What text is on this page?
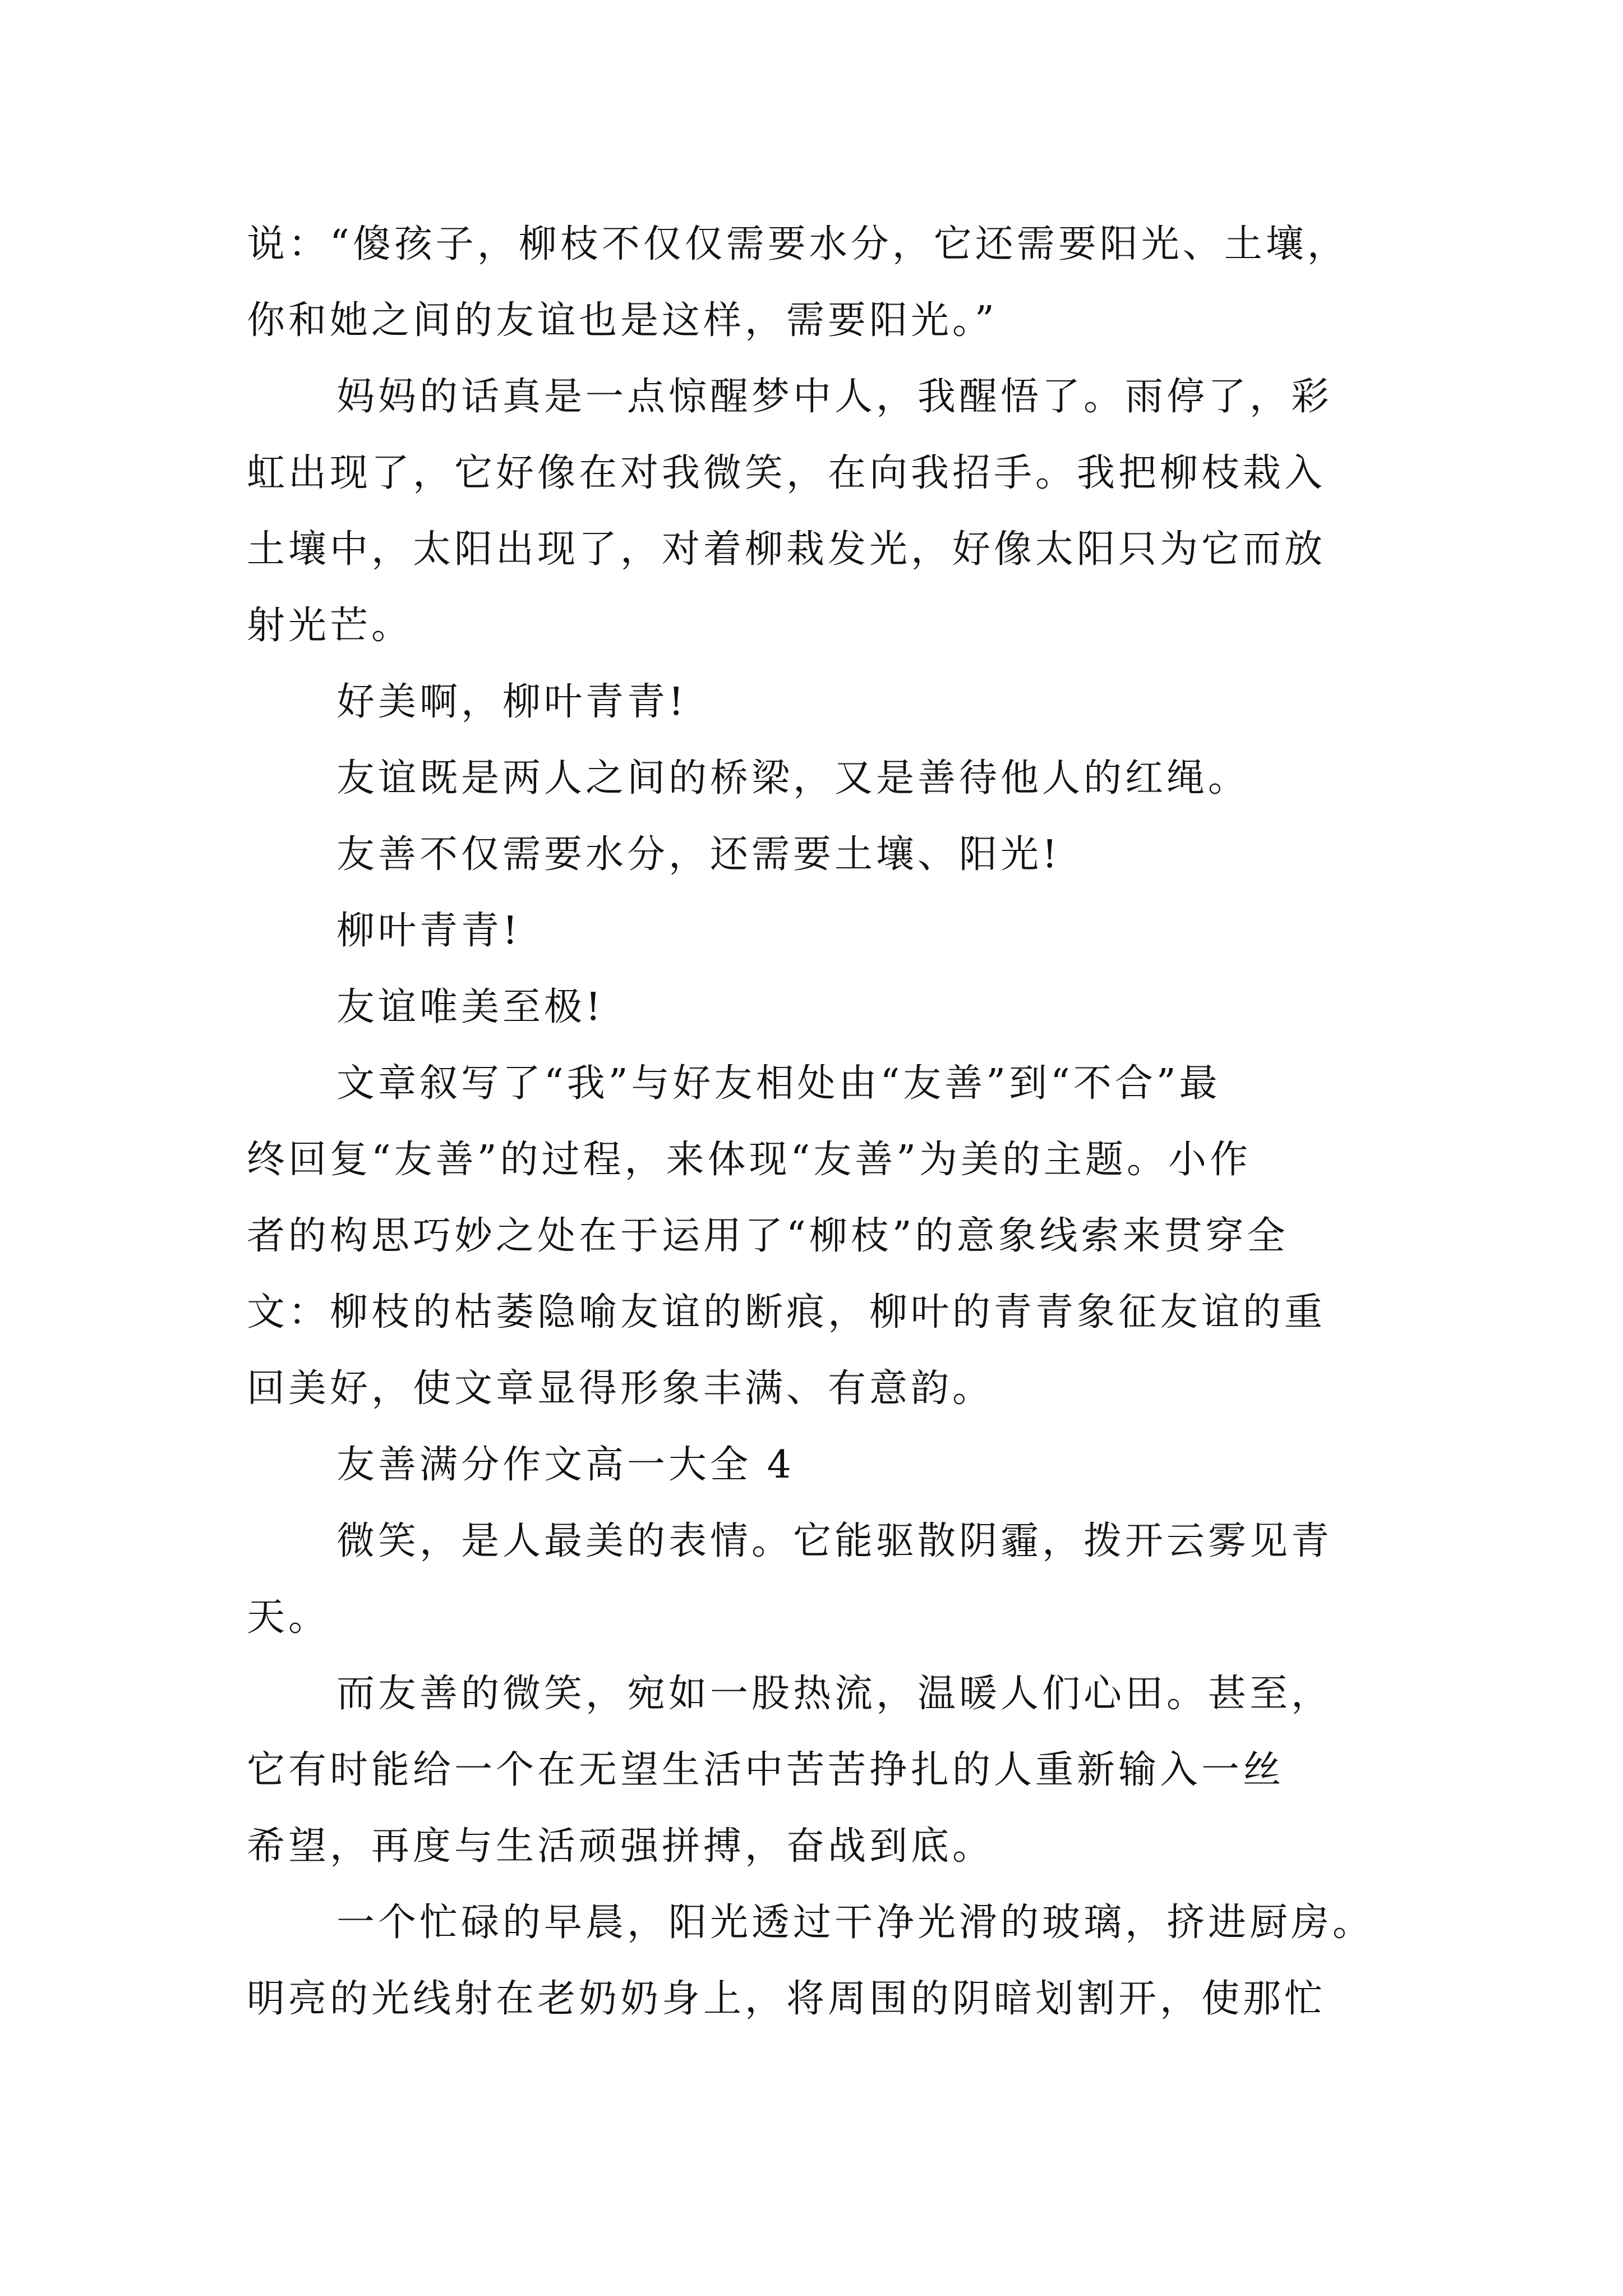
说：“傻孩子，柳枝不仅仅需要水分，它还需要阳光、土壤，
你和她之间的友谊也是这样，需要阳光。”

妈妈的话真是一点惊醒梦中人，我醒悟了。雨停了，彩
虹出现了，它好像在对我微笑，在向我招手。我把柳枝栽入
土壤中，太阳出现了，对着柳栽发光，好像太阳只为它而放
射光芒。

好美啊，柳叶青青!

友谊既是两人之间的桥梁，又是善待他人的红绳。

友善不仅需要水分，还需要土壤、阳光!

柳叶青青!

友谊唯美至极!

文章叙写了“我”与好友相处由“友善”到“不合”最
终回复“友善”的过程，来体现“友善”为美的主题。小作
者的构思巧妙之处在于运用了“柳枝”的意象线索来贯穿全
文：柳枝的枯萎隐喻友谊的断痕，柳叶的青青象征友谊的重
回美好，使文章显得形象丰满、有意韵。

友善满分作文高一大全 4

微笑，是人最美的表情。它能驱散阴霾，拨开云雾见青
天。

而友善的微笑，宛如一股热流，温暖人们心田。甚至，
它有时能给一个在无望生活中苦苦挣扎的人重新输入一丝
希望，再度与生活顽强拼搏，奋战到底。

一个忙碌的早晨，阳光透过干净光滑的玻璃，挤进厨房。
明亮的光线射在老奶奶身上，将周围的阴暗划割开，使那忙
